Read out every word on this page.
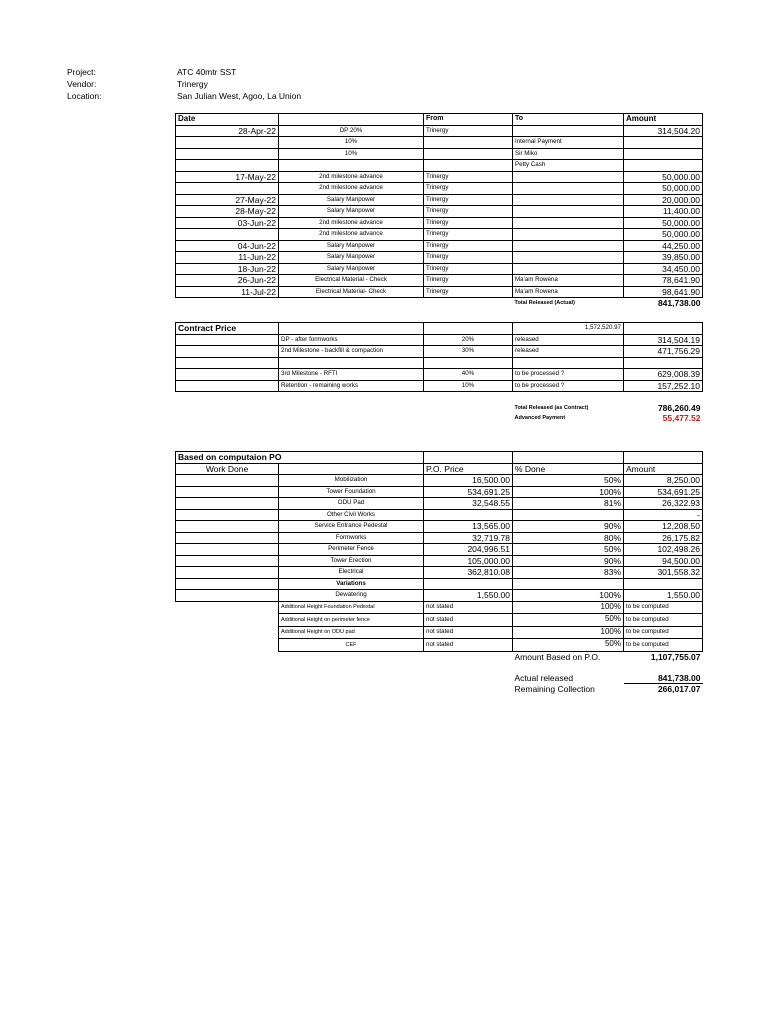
Project:	ATC 40mtr SST
Vendor:	Trinergy
Location:	San Julian West, Agoo, La Union
Date		From	To	Amount
28-Apr-22	DP 20%	Trinergy		314,504.20
	10%		Internal Payment	
	10%		Sir Miko	
			Petty Cash	
17-May-22	2nd milestone advance	Trinergy		50,000.00
	2nd milestone advance	Trinergy		50,000.00
27-May-22	Salary Manpower	Trinergy		20,000.00
28-May-22	Salary Manpower	Trinergy		11,400.00
03-Jun-22	2nd milestone advance	Trinergy		50,000.00
	2nd milestone advance	Trinergy		50,000.00
04-Jun-22	Salary Manpower	Trinergy		44,250.00
11-Jun-22	Salary Manpower	Trinergy		39,850.00
18-Jun-22	Salary Manpower	Trinergy		34,450.00
26-Jun-22	Electrical Material - Check	Trinergy	Ma'am Rowena	78,641.90
11-Jul-22	Electrical Material- Check	Trinergy	Ma'am Rowena	98,641.90
			Total Released (Actual)	841,738.00
Contract Price			1,572,520.97	
	DP - after formworks	20%	released	314,504.19
	2nd Milestone - backfill & compaction	30%	released	471,756.29

	3rd Milestone - RFTI	40%	to be processed ?	629,008.39
	Retention - remaining works	10%	to be processed ?	157,252.10

			Total Released (as Contract)	786,260.49
			Advanced Payment	55,477.52
Based on computaion PO				
Work Done		P.O. Price	% Done	Amount
	Mobilization	16,500.00	50%	8,250.00
	Tower Foundation	534,691.25	100%	534,691.25
	ODU Pad	32,548.55	81%	26,322.93
	Other Civil Works			-
	Service Entrance Pedestal	13,565.00	90%	12,208.50
	Formworks	32,719.78	80%	26,175.82
	Perimeter Fence	204,996.51	50%	102,498.26
	Tower Erection	105,000.00	90%	94,500.00
	Electrical	362,810.08	83%	301,558.32
	Variations			
	Dewatering	1,550.00	100%	1,550.00
	Additional Height Foundation Pedestal	not stated	100%	to be computed
	Additional Height on perimeter fence	not stated	50%	to be computed
	Additional Height on ODU pad	not stated	100%	to be computed
	CEF	not stated	50%	to be computed
			Amount Based on P.O.	1,107,755.07

			Actual released	841,738.00
			Remaining Collection	266,017.07
